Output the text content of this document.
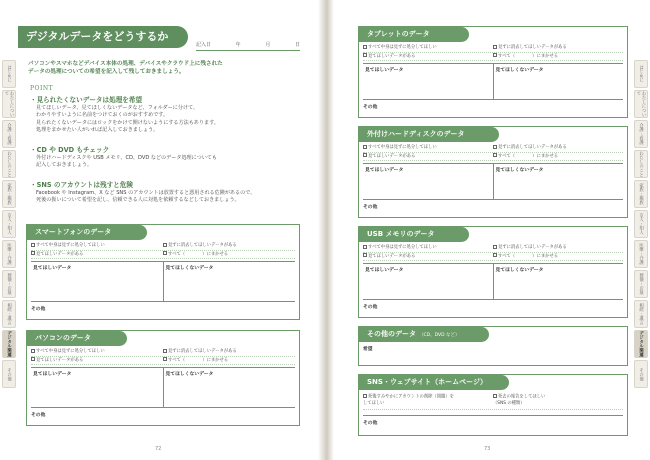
はじめに
わたしについて
介護・看護
わたしのこと
家族・親族
友人・知人
医療・介護
葬儀・お墓
相続・遺言
デジタル関連
その他
デジタルデータをどうするか
記入日	年	月	日
パソコンやスマホなどデバイス本体の処理、デバイスやクラウド上に残された
データの処理についての希望を記入して残しておきましょう。
POINT
・見られたくないデータは処理を希望

見てほしいデータ、見てほしくないデータなど、フォルダーに分けて、

わかりやすいように名前をつけておくのがおすすめです。

見られたくないデータにはロックをかけて開けないようにする方法もあります。

処理をまかせたい人がいれば記入しておきましょう。

・CD や DVD もチェック

外付けハードディスクや USB メモリ、CD、DVD などのデータ処理についても

記入しておきましょう。

・SNS のアカウントは残すと危険

Facebook や Instagram、X など SNS のアカウントは放置すると悪用される危険があるので、

死後の扱いについて希望を記し、信頼できる人に対処を依頼するなどしておきましょう。

スマートフォンのデータ
すべて中身は見ずに処分してほしい	見ずに消去してほしいデータがある
見てほしいデータがある	すべて（　　　　）にまかせる
見てほしいデータ	見てほしくないデータ
その他
パソコンのデータ
すべて中身は見ずに処分してほしい	見ずに消去してほしいデータがある
見てほしいデータがある	すべて（　　　　）にまかせる
見てほしいデータ	見てほしくないデータ
その他
72
はじめに
わたしについて
介護・看護
わたしのこと
家族・親族
友人・知人
医療・介護
葬儀・お墓
相続・遺言
デジタル関連
その他
タブレットのデータ
すべて中身は見ずに処分してほしい	見ずに消去してほしいデータがある
見てほしいデータがある	すべて（　　　　）にまかせる
見てほしいデータ	見てほしくないデータ
その他
外付けハードディスクのデータ
すべて中身は見ずに処分してほしい	見ずに消去してほしいデータがある
見てほしいデータがある	すべて（　　　　）にまかせる
見てほしいデータ	見てほしくないデータ
その他
USB メモリのデータ
すべて中身は見ずに処分してほしい	見ずに消去してほしいデータがある
見てほしいデータがある	すべて（　　　　）にまかせる
見てほしいデータ	見てほしくないデータ
その他
その他のデータ （CD、DVD など）
希望
SNS・ウェブサイト（ホームページ）
死後すみやかにアカウントの削除（閉鎖）を
してほしい
死去の報告をしてほしい
（SNS の種類）
その他
73
